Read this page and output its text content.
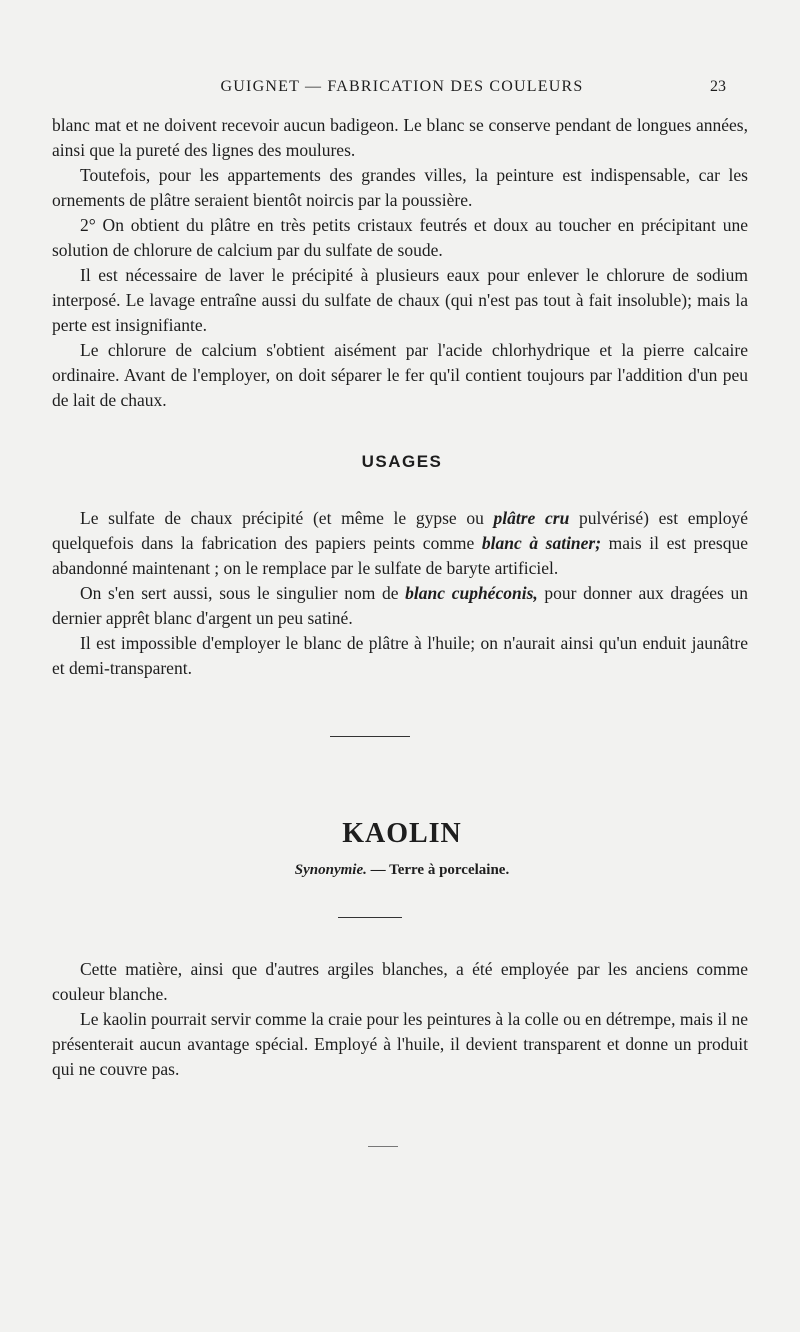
GUIGNET — FABRICATION DES COULEURS	23

blanc mat et ne doivent recevoir aucun badigeon. Le blanc se conserve pendant de longues années, ainsi que la pureté des lignes des moulures.

Toutefois, pour les appartements des grandes villes, la peinture est indispensable, car les ornements de plâtre seraient bientôt noircis par la poussière.

2° On obtient du plâtre en très petits cristaux feutrés et doux au toucher en précipitant une solution de chlorure de calcium par du sulfate de soude.

Il est nécessaire de laver le précipité à plusieurs eaux pour enlever le chlorure de sodium interposé. Le lavage entraîne aussi du sulfate de chaux (qui n'est pas tout à fait insoluble); mais la perte est insignifiante.

Le chlorure de calcium s'obtient aisément par l'acide chlorhydrique et la pierre calcaire ordinaire. Avant de l'employer, on doit séparer le fer qu'il contient toujours par l'addition d'un peu de lait de chaux.

USAGES

Le sulfate de chaux précipité (et même le gypse ou plâtre cru pulvérisé) est employé quelquefois dans la fabrication des papiers peints comme blanc à satiner; mais il est presque abandonné maintenant ; on le remplace par le sulfate de baryte artificiel.

On s'en sert aussi, sous le singulier nom de blanc cuphéconis, pour donner aux dragées un dernier apprêt blanc d'argent un peu satiné.

Il est impossible d'employer le blanc de plâtre à l'huile; on n'aurait ainsi qu'un enduit jaunâtre et demi-transparent.

KAOLIN
Synonymie. — Terre à porcelaine.

Cette matière, ainsi que d'autres argiles blanches, a été employée par les anciens comme couleur blanche.

Le kaolin pourrait servir comme la craie pour les peintures à la colle ou en détrempe, mais il ne présenterait aucun avantage spécial. Employé à l'huile, il devient transparent et donne un produit qui ne couvre pas.
